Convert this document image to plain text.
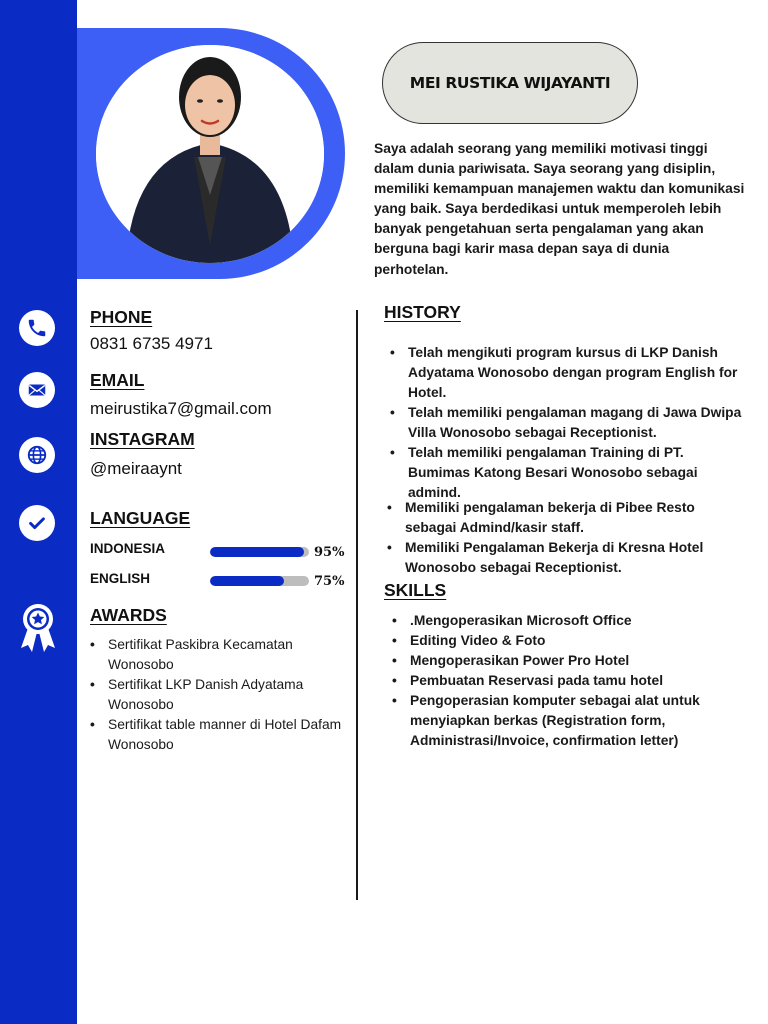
MEI RUSTIKA WIJAYANTI

Saya adalah seorang yang memiliki motivasi tinggi dalam dunia pariwisata. Saya seorang yang disiplin, memiliki kemampuan manajemen waktu dan komunikasi yang baik. Saya berdedikasi untuk memperoleh lebih banyak pengetahuan serta pengalaman yang akan berguna bagi karir masa depan saya di dunia perhotelan.

PHONE
0831 6735 4971
EMAIL
meirustika7@gmail.com
INSTAGRAM
@meiraaynt
LANGUAGE
INDONESIA	95%
ENGLISH	75%
AWARDS
• Sertifikat Paskibra Kecamatan Wonosobo
• Sertifikat LKP Danish Adyatama Wonosobo
• Sertifikat table manner di Hotel Dafam Wonosobo
HISTORY
• Telah mengikuti program kursus di LKP Danish Adyatama Wonosobo dengan program English for Hotel.
• Telah memiliki pengalaman magang di Jawa Dwipa Villa Wonosobo sebagai Receptionist.
• Telah memiliki pengalaman Training di PT. Bumimas Katong Besari Wonosobo sebagai admind.
• Memiliki pengalaman bekerja di Pibee Resto sebagai Admind/kasir staff.
• Memiliki Pengalaman Bekerja di Kresna Hotel Wonosobo sebagai Receptionist.
SKILLS
• .Mengoperasikan Microsoft Office
• Editing Video & Foto
• Mengoperasikan Power Pro Hotel
• Pembuatan Reservasi pada tamu hotel
• Pengoperasian komputer sebagai alat untuk menyiapkan berkas (Registration form, Administrasi/Invoice, confirmation letter)
